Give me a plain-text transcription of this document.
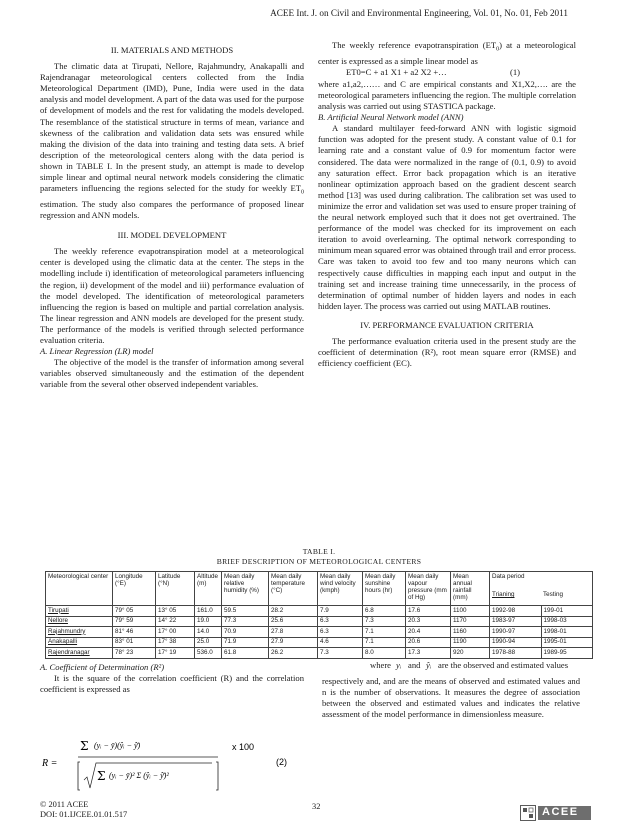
ACEE Int. J. on Civil and Environmental Engineering, Vol. 01, No. 01, Feb 2011
II. MATERIALS AND METHODS

The climatic data at Tirupati, Nellore, Rajahmundry, Anakapalli and Rajendranagar meteorological centers collected from the India Meteorological Department (IMD), Pune, India were used in the data analysis and model development. A part of the data was used for the purpose of development of models and the rest for validating the models developed. The resemblance of the statistical structure in terms of mean, variance and skewness of the calibration and validation data sets was ensured while making the division of the data into training and testing data sets. A brief description of the meteorological centers along with the data period is shown in TABLE I. In the present study, an attempt is made to develop simple linear and optimal neural network models considering the climatic parameters influencing the regions selected for the study for weekly $ET_0$ estimation. The study also compares the performance of proposed linear regression and ANN models.

III. MODEL DEVELOPMENT

The weekly reference evapotranspiration model at a meteorological center is developed using the climatic data at the center. The steps in the modelling include i) identification of meteorological parameters influencing the region, ii) development of the model and iii) performance evaluation of the model developed. The identification of meteorological parameters influencing the region is based on multiple and partial correlation analysis. The linear regression and ANN models are developed for the present study. The performance of the models is verified through selected performance evaluation criteria.

A. Linear Regression (LR) model

The objective of the model is the transfer of information among several variables observed simultaneously and the estimation of the dependent variable from the several other observed independent variables.

The weekly reference evapotranspiration $(ET_0)$ at a meteorological center is expressed as a simple linear model as

ET0=C + a1 X1 + a2 X2 +…	(1)

where a1,a2,…… and C are empirical constants and X1,X2,…. are the meteorological parameters influencing the region. The multiple correlation analysis was carried out using STASTICA package.

B. Artificial Neural Network model (ANN)

A standard multilayer feed-forward ANN with logistic sigmoid function was adopted for the present study. A constant value of 0.1 for learning rate and a constant value of 0.9 for momentum factor were considered. The data were normalized in the range of (0.1, 0.9) to avoid any saturation effect. Error back propagation which is an iterative nonlinear optimization approach based on the gradient descent search method [13] was used during calibration. The calibration set was used to minimize the error and validation set was used to ensure proper training of the neural network employed such that it does not get overtrained. The performance of the model was checked for its improvement on each iteration to avoid overlearning. The optimal network corresponding to minimum mean squared error was obtained through trail and error process. Care was taken to avoid too few and too many neurons which can respectively cause difficulties in mapping each input and output in the training set and increase training time unnecessarily, in the process of determination of optimal number of hidden layers and nodes in each hidden layer. The process was carried out using MATLAB routines.

IV. PERFORMANCE EVALUATION CRITERIA

The performance evaluation criteria used in the present study are the coefficient of determination (R²), root mean square error (RMSE) and efficiency coefficient (EC).

TABLE I.
BRIEF DESCRIPTION OF METEOROLOGICAL CENTERS
Meteorological center	Longitude (°E)	Latitude (°N)	Altitude (m)	Mean daily relative humidity (%)	Mean daily temperature (°C)	Mean daily wind velocity (kmph)	Mean daily sunshine hours (hr)	Mean daily vapour pressure (mm of Hg)	Mean annual rainfall (mm)	Data period
Trianing Testing	

Tirupati	79° 05	13° 05	161.0	59.5	28.2	7.9	6.8	17.6	1100	1992-98	199-01
Nellore	79° 59	14° 22	19.0	77.3	25.6	6.3	7.3	20.3	1170	1983-97	1998-03
Rajahmundry	81° 46	17° 00	14.0	70.9	27.8	6.3	7.1	20.4	1160	1990-97	1998-01
Anakapalli	83° 01	17° 38	25.0	71.9	27.9	4.6	7.1	20.6	1190	1990-94	1995-01
Rajendranagar	78° 23	17° 19	536.0	61.8	26.2	7.3	8.0	17.3	920	1978-88	1989-95

A. Coefficient of Determination (R²)

It is the square of the correlation coefficient (R) and the correlation coefficient is expressed as

R =
Σ (yᵢ − ȳ)(ŷᵢ − ŷ̄)
Σ (yᵢ − ȳ)² Σ (ŷᵢ − ŷ̄)²
x 100
(2)
where yᵢ and ŷᵢ are the observed and estimated values

respectively and, and are the means of observed and estimated values and n is the number of observations. It measures the degree of association between the observed and estimated values and indicates the relative assessment of the model performance in dimensionless measure.

© 2011 ACEE
DOI: 01.IJCEE.01.01.517
32	ACEE
